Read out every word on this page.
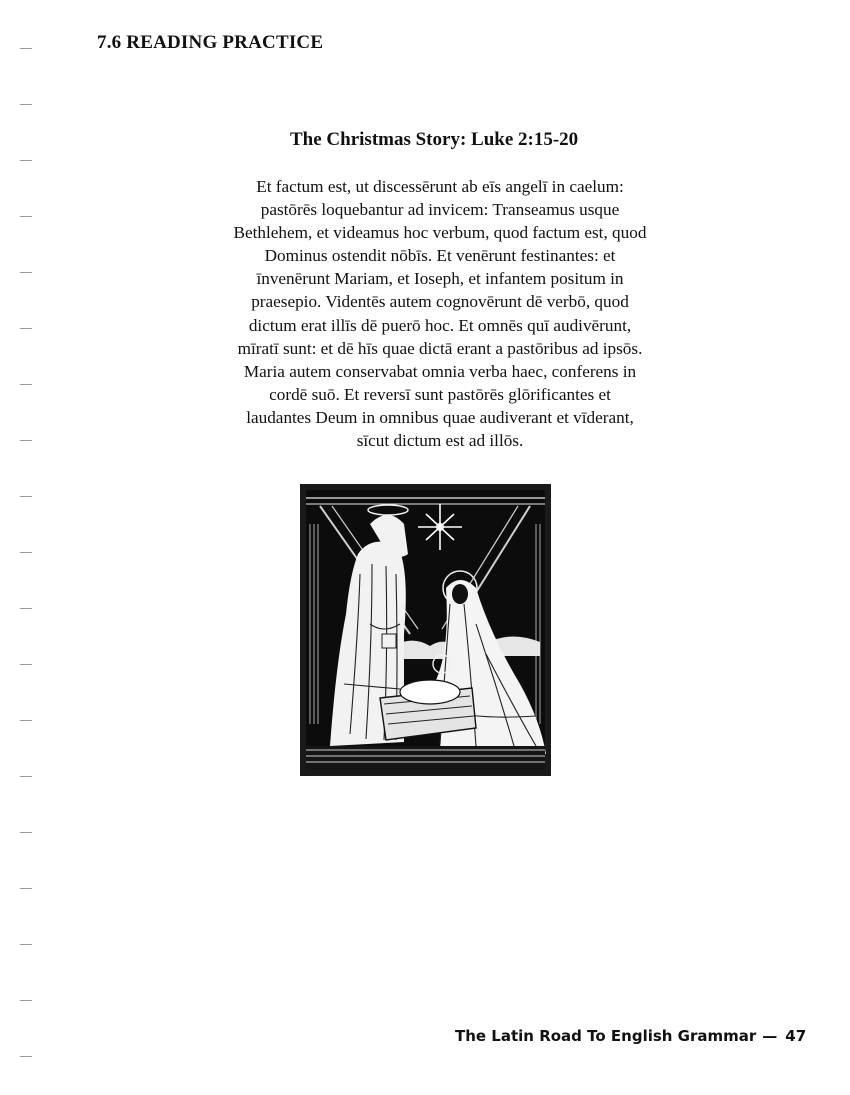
7.6 READING PRACTICE
The Christmas Story: Luke 2:15-20
Et factum est, ut discessērunt ab eīs angelī in caelum:
pastōrēs loquebantur ad invicem: Transeamus usque
Bethlehem, et videamus hoc verbum, quod factum est, quod
Dominus ostendit nōbīs. Et venērunt festinantes: et
īnvenērunt Mariam, et Ioseph, et infantem positum in
praesepio. Videntēs autem cognovērunt dē verbō, quod
dictum erat illīs dē puerō hoc. Et omnēs quī audivērunt,
mīratī sunt: et dē hīs quae dictā erant a pastōribus ad ipsōs.
Maria autem conservabat omnia verba haec, conferens in
cordē suō. Et reversī sunt pastōrēs glōrificantes et
laudantes Deum in omnibus quae audiverant et vīderant,
sīcut dictum est ad illōs.
The Latin Road To English Grammar — 47
